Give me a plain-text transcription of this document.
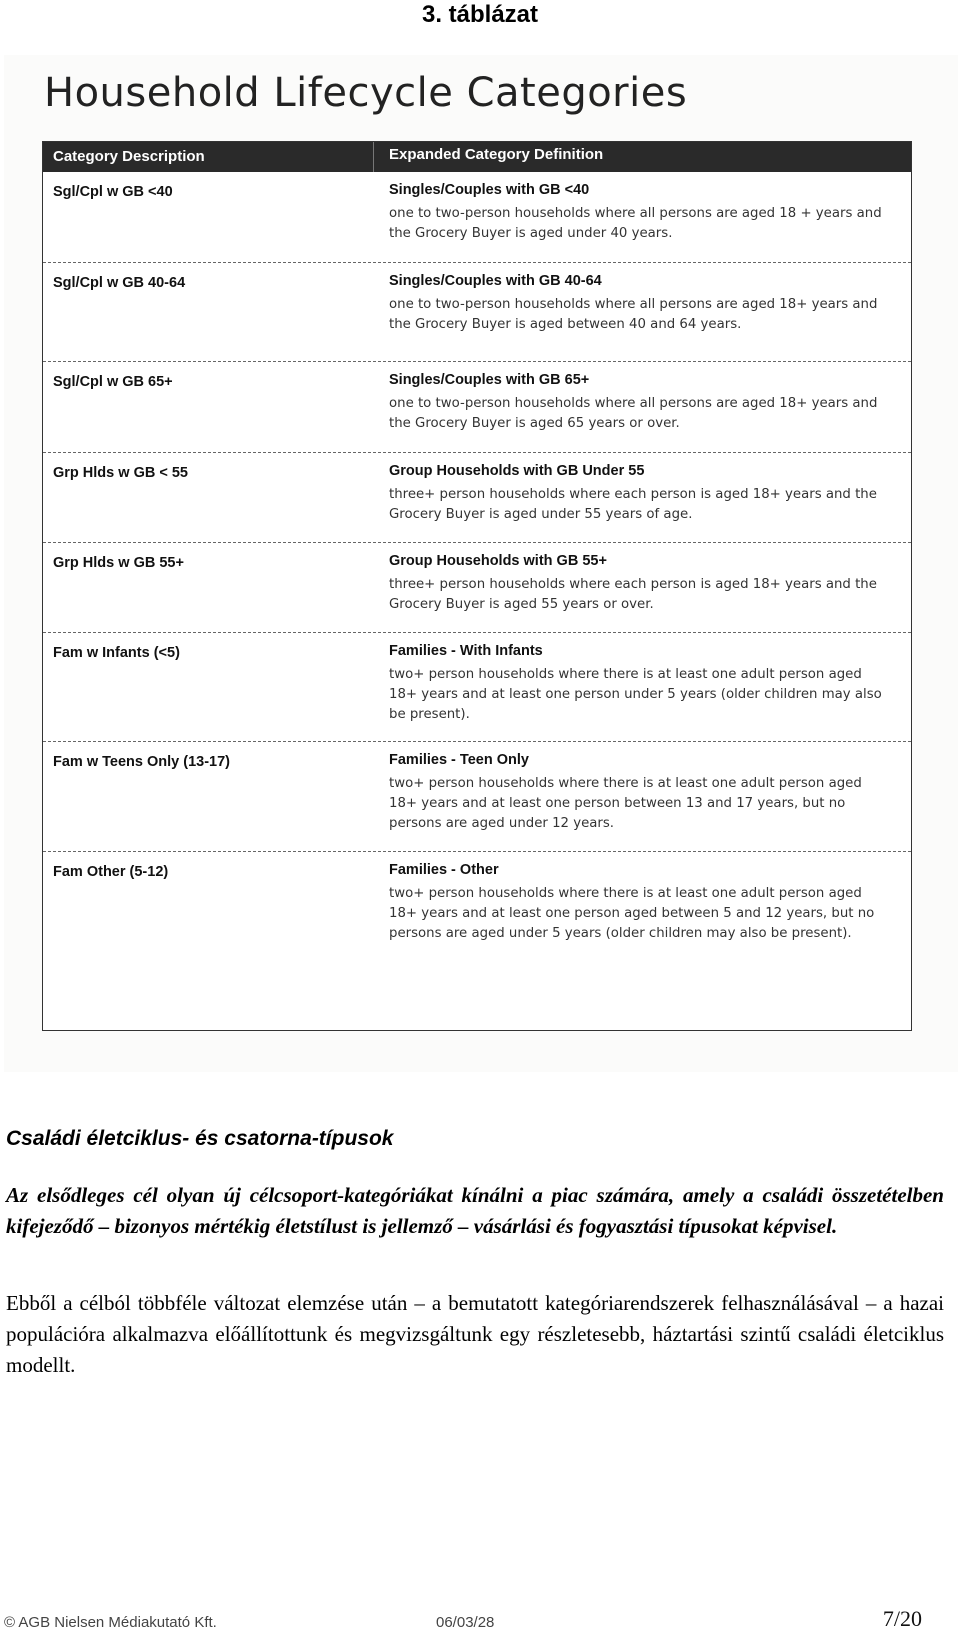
3. táblázat
Household Lifecycle Categories
Category Description	Expanded Category Definition
Sgl/Cpl w GB <40	Singles/Couples with GB <40

one to two-person households where all persons are aged 18 + years and the Grocery Buyer is aged under 40 years.

Sgl/Cpl w GB 40-64	Singles/Couples with GB 40-64

one to two-person households where all persons are aged 18+ years and the Grocery Buyer is aged between 40 and 64 years.

Sgl/Cpl w GB 65+	Singles/Couples with GB 65+

one to two-person households where all persons are aged 18+ years and the Grocery Buyer is aged 65 years or over.

Grp Hlds w GB < 55	Group Households with GB Under 55

three+ person households where each person is aged 18+ years and the Grocery Buyer is aged under 55 years of age.

Grp Hlds w GB 55+	Group Households with GB 55+

three+ person households where each person is aged 18+ years and the Grocery Buyer is aged 55 years or over.

Fam w Infants (<5)	Families - With Infants

two+ person households where there is at least one adult person aged 18+ years and at least one person under 5 years (older children may also be present).

Fam w Teens Only (13-17)	Families - Teen Only

two+ person households where there is at least one adult person aged 18+ years and at least one person between 13 and 17 years, but no persons are aged under 12 years.

Fam Other (5-12)	Families - Other

two+ person households where there is at least one adult person aged 18+ years and at least one person aged between 5 and 12 years, but no persons are aged under 5 years (older children may also be present).

Családi életciklus- és csatorna-típusok

Az elsődleges cél olyan új célcsoport-kategóriákat kínálni a piac számára, amely a családi összetételben kifejeződő – bizonyos mértékig életstílust is jellemző – vásárlási és fogyasztási típusokat képvisel.

Ebből a célból többféle változat elemzése után – a bemutatott kategóriarendszerek felhasználásával – a hazai populációra alkalmazva előállítottunk és megvizsgáltunk egy részletesebb, háztartási szintű családi életciklus modellt.

© AGB Nielsen Médiakutató Kft.	06/03/28	7/20
